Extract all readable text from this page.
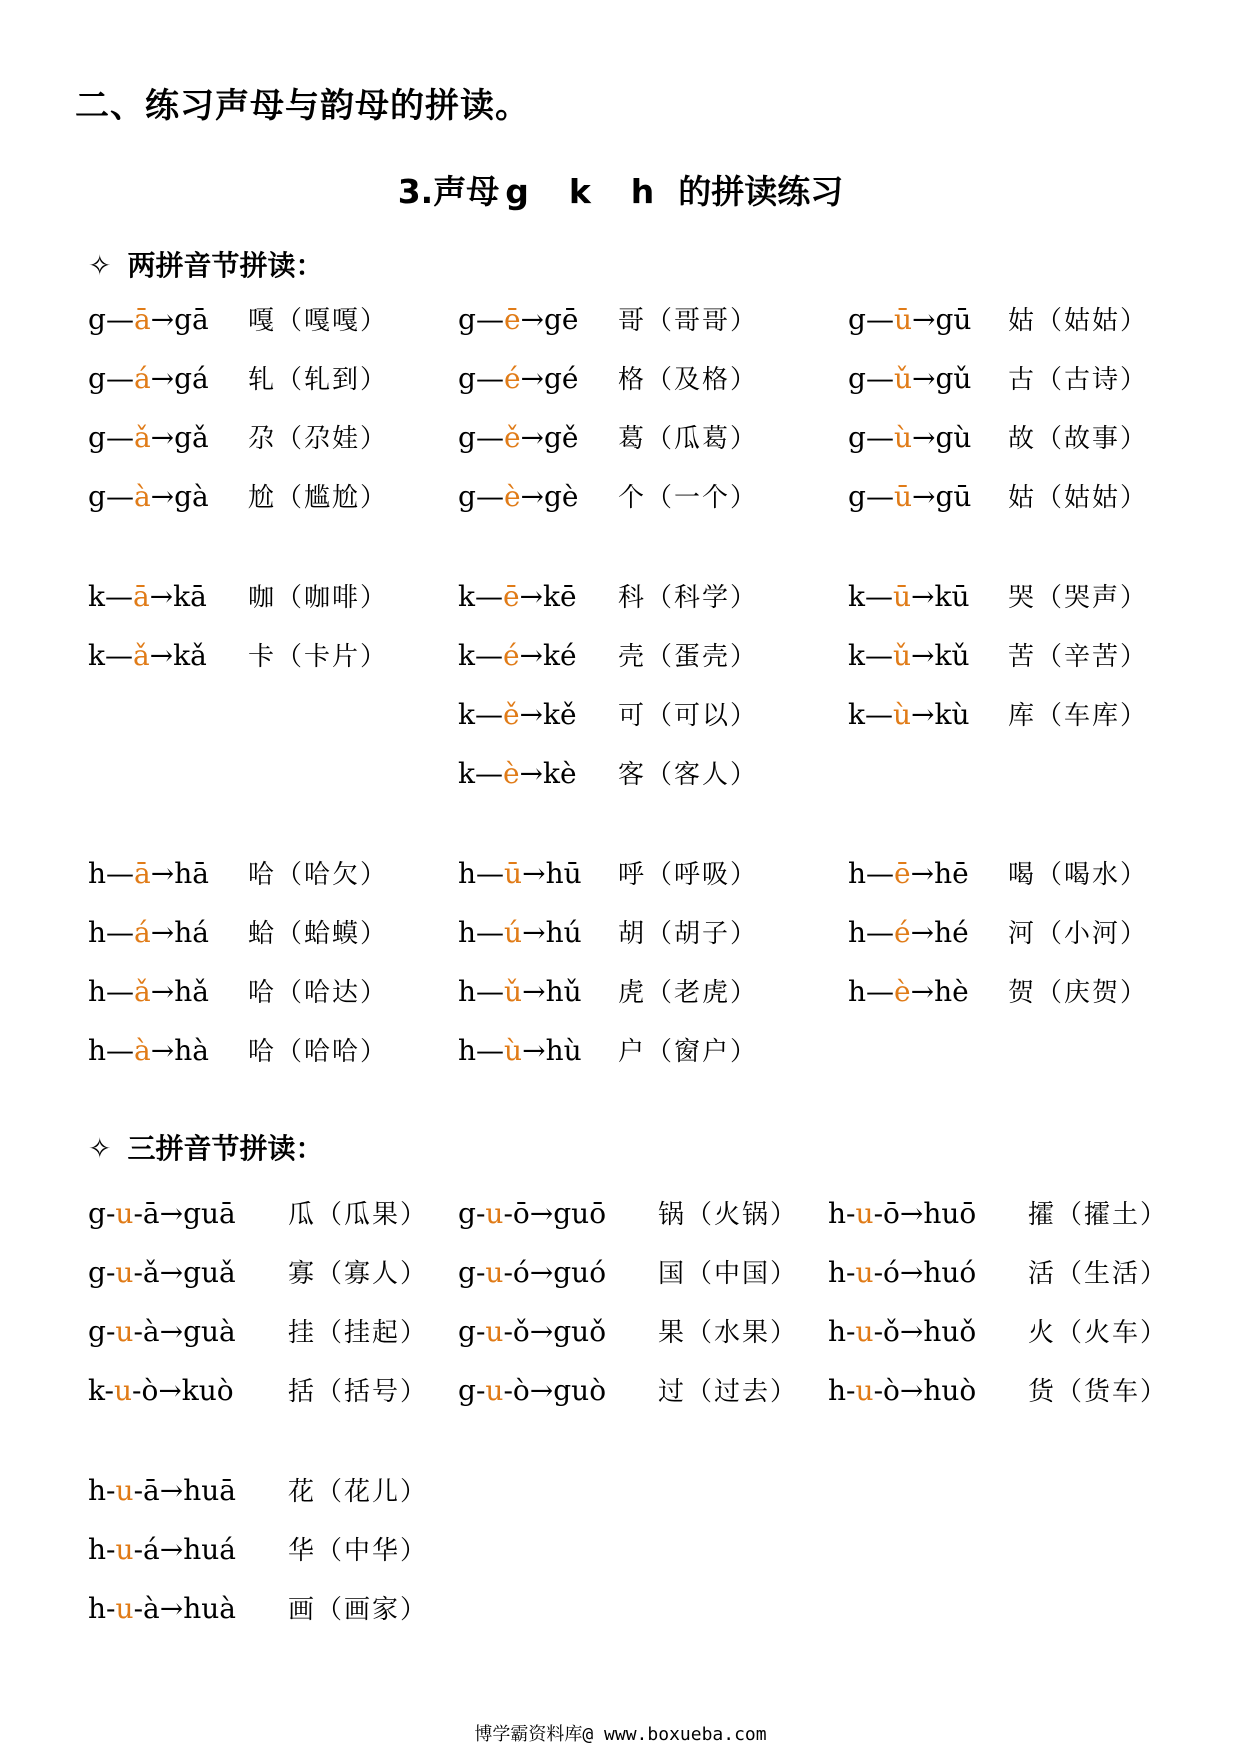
二、练习声母与韵母的拼读。
3.声母 g k h 的拼读练习
✧ 两拼音节拼读：
✧ 三拼音节拼读：
g—ā→gā 嘎（嘎嘎）
g—á→gá 轧（轧到）
g—ǎ→gǎ 尕（尕娃）
g—à→gà 尬（尴尬）
g—ē→gē 哥（哥哥）
g—é→gé 格（及格）
g—ě→gě 葛（瓜葛）
g—è→gè 个（一个）
g—ū→gū 姑（姑姑）
g—ǔ→gǔ 古（古诗）
g—ù→gù 故（故事）
g—ū→gū 姑（姑姑）
k—ā→kā 咖（咖啡）
k—ǎ→kǎ 卡（卡片）
k—ē→kē 科（科学）
k—é→ké 壳（蛋壳）
k—ě→kě 可（可以）
k—è→kè 客（客人）
k—ū→kū 哭（哭声）
k—ǔ→kǔ 苦（辛苦）
k—ù→kù 库（车库）
h—ā→hā 哈（哈欠）
h—á→há 蛤（蛤蟆）
h—ǎ→hǎ 哈（哈达）
h—à→hà 哈（哈哈）
h—ū→hū 呼（呼吸）
h—ú→hú 胡（胡子）
h—ǔ→hǔ 虎（老虎）
h—ù→hù 户（窗户）
h—ē→hē 喝（喝水）
h—é→hé 河（小河）
h—è→hè 贺（庆贺）
g-u-ā→guā 瓜（瓜果）
g-u-ǎ→guǎ 寡（寡人）
g-u-à→guà 挂（挂起）
k-u-ò→kuò 括（括号）
g-u-ō→guō 锅（火锅）
g-u-ó→guó 国（中国）
g-u-ǒ→guǒ 果（水果）
g-u-ò→guò 过（过去）
h-u-ō→huō 攉（攉土）
h-u-ó→huó 活（生活）
h-u-ǒ→huǒ 火（火车）
h-u-ò→huò 货（货车）
h-u-ā→huā 花（花儿）
h-u-á→huá 华（中华）
h-u-à→huà 画（画家）
博学霸资料库@ www.boxueba.com
